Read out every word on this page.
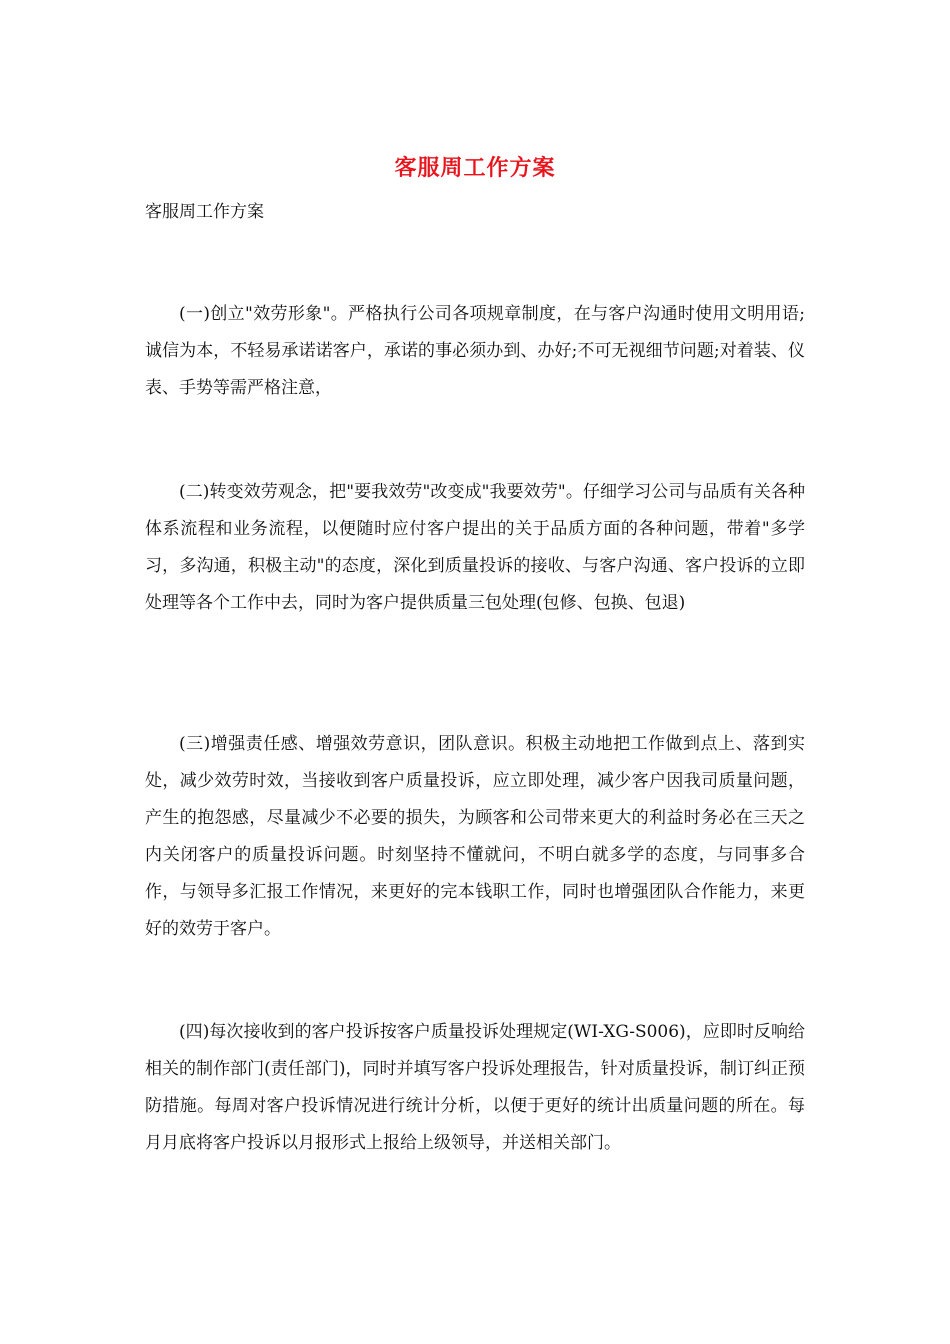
客服周工作方案
客服周工作方案

(一)创立"效劳形象"。严格执行公司各项规章制度，在与客户沟通时使用文明用语;诚信为本，不轻易承诺诺客户，承诺的事必须办到、办好;不可无视细节问题;对着装、仪表、手势等需严格注意，

(二)转变效劳观念，把"要我效劳"改变成"我要效劳"。仔细学习公司与品质有关各种体系流程和业务流程，以便随时应付客户提出的关于品质方面的各种问题，带着"多学习，多沟通，积极主动"的态度，深化到质量投诉的接收、与客户沟通、客户投诉的立即处理等各个工作中去，同时为客户提供质量三包处理(包修、包换、包退)

(三)增强责任感、增强效劳意识，团队意识。积极主动地把工作做到点上、落到实处，减少效劳时效，当接收到客户质量投诉，应立即处理，减少客户因我司质量问题，产生的抱怨感，尽量减少不必要的损失，为顾客和公司带来更大的利益时务必在三天之内关闭客户的质量投诉问题。时刻坚持不懂就问，不明白就多学的态度，与同事多合作，与领导多汇报工作情况，来更好的完本钱职工作，同时也增强团队合作能力，来更好的效劳于客户。

(四)每次接收到的客户投诉按客户质量投诉处理规定(WI-XG-S006)，应即时反响给相关的制作部门(责任部门)，同时并填写客户投诉处理报告，针对质量投诉，制订纠正预防措施。每周对客户投诉情况进行统计分析，以便于更好的统计出质量问题的所在。每月月底将客户投诉以月报形式上报给上级领导，并送相关部门。
